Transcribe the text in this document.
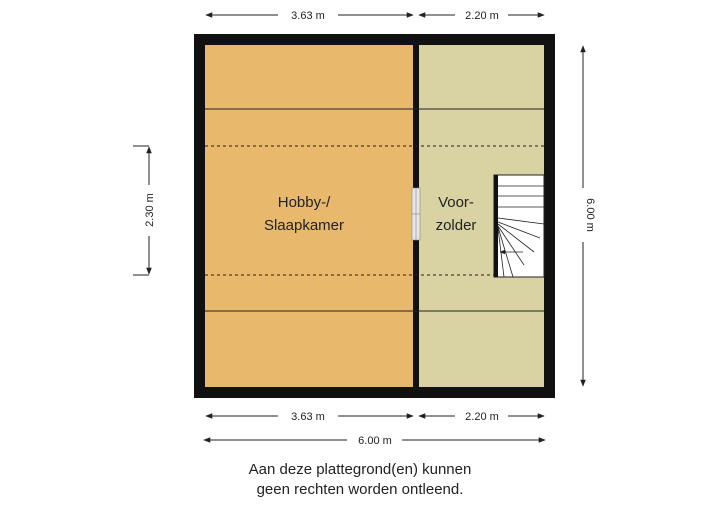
Hobby-/
Slaapkamer
Voor-
zolder
3.63 m	2.20 m
3.63 m	2.20 m
6.00 m
2.30 m	6.00 m
Aan deze plattegrond(en) kunnen
geen rechten worden ontleend.
